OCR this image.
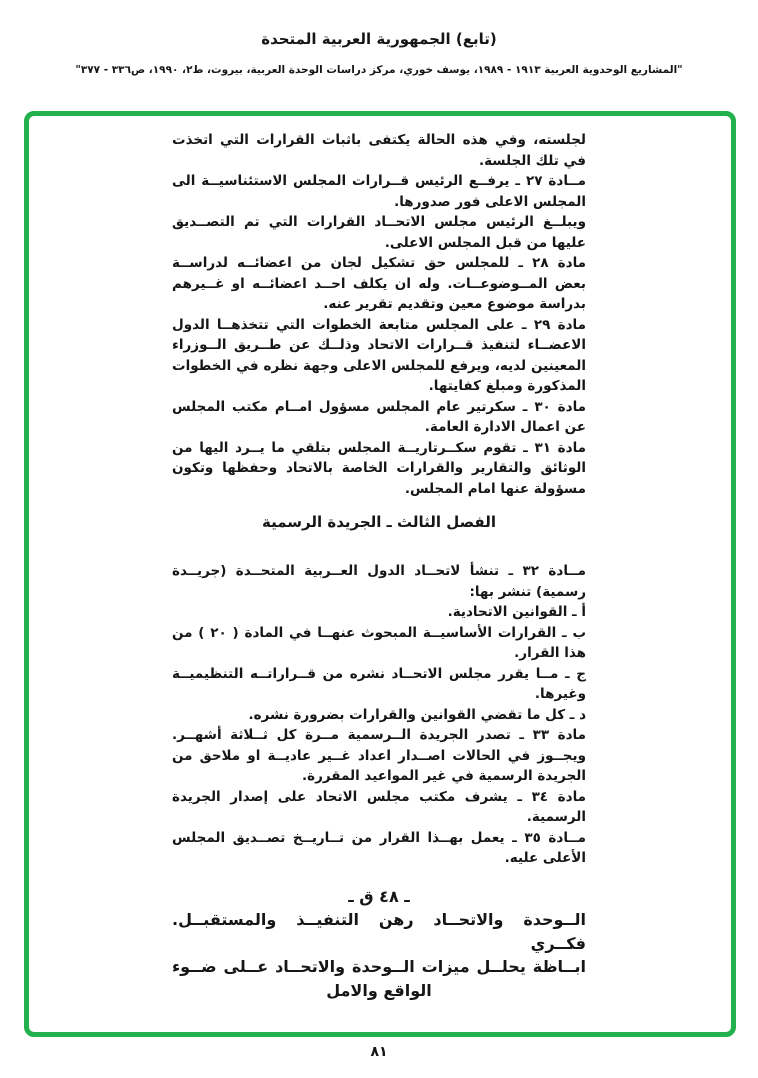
(تابع) الجمهورية العربية المتحدة
"المشاريع الوحدوية العربية ١٩١٣ - ١٩٨٩، يوسف خوري، مركز دراسات الوحدة العربية، بيروت، ط٢، ١٩٩٠، ص٣٣٦ - ٣٧٧"
لجلسته، وفي هذه الحالة يكتفى باثبات القرارات التي اتخذت
في تلك الجلسة.
مــادة ٢٧ ـ يرفــع الرئيس قــرارات المجلس الاستئناسيــة الى
المجلس الاعلى فور صدورها.
ويبلــغ الرئيس مجلس الاتحــاد القرارات التي تم التصــديق
عليها من قبل المجلس الاعلى.
مادة ٢٨ ـ للمجلس حق تشكيل لجان من اعضائــه لدراســة
بعض المــوضوعــات. وله ان يكلف احــد اعضائــه او غــيرهم
بدراسة موضوع معين وتقديم تقرير عنه.
مادة ٢٩ ـ على المجلس متابعة الخطوات التي تتخذهــا الدول
الاعضــاء لتنفيذ قــرارات الاتحاد وذلــك عن طــريق الــوزراء
المعينين لديه، ويرفع للمجلس الاعلى وجهة نظره في الخطوات
المذكورة ومبلغ كفايتها.
مادة ٣٠ ـ سكرتير عام المجلس مسؤول امــام مكتب المجلس
عن اعمال الادارة العامة.
مادة ٣١ ـ تقوم سكــرتاريــة المجلس بتلقي ما يــرد اليها من
الوثائق والتقارير والقرارات الخاصة بالاتحاد وحفظها وتكون
مسؤولة عنها امام المجلس.
الفصل الثالث ـ الجريدة الرسمية
مــادة ٣٢ ـ تنشأ لاتحــاد الدول العــربية المتحــدة (جريــدة
رسمية) تنشر بها:
أ ـ القوانين الاتحادية.
ب ـ القرارات الأساسيــة المبحوث عنهــا في المادة ( ٢٠ ) من
هذا القرار.
ج ـ مــا يقرر مجلس الاتحــاد نشره من قــراراتــه التنظيميــة
وغيرها.
د ـ كل ما تقضي القوانين والقرارات بضرورة نشره.
مادة ٣٣ ـ تصدر الجريدة الــرسمية مــرة كل ثــلاثة أشهــر.
ويجــوز في الحالات اصــدار اعداد غــير عاديــة او ملاحق من
الجريدة الرسمية في غير المواعيد المقررة.
مادة ٣٤ ـ يشرف مكتب مجلس الاتحاد على إصدار الجريدة
الرسمية.
مــادة ٣٥ ـ يعمل بهــذا القرار من تــاريــخ تصــديق المجلس
الأعلى عليه.
ـ ٤٨ ق ـ
الــوحدة والاتحــاد رهن التنفيــذ والمستقبــل. فكــري
ابــاظة يحلــل ميزات الــوحدة والاتحــاد عــلى ضــوء
الواقع والامل
٨١
